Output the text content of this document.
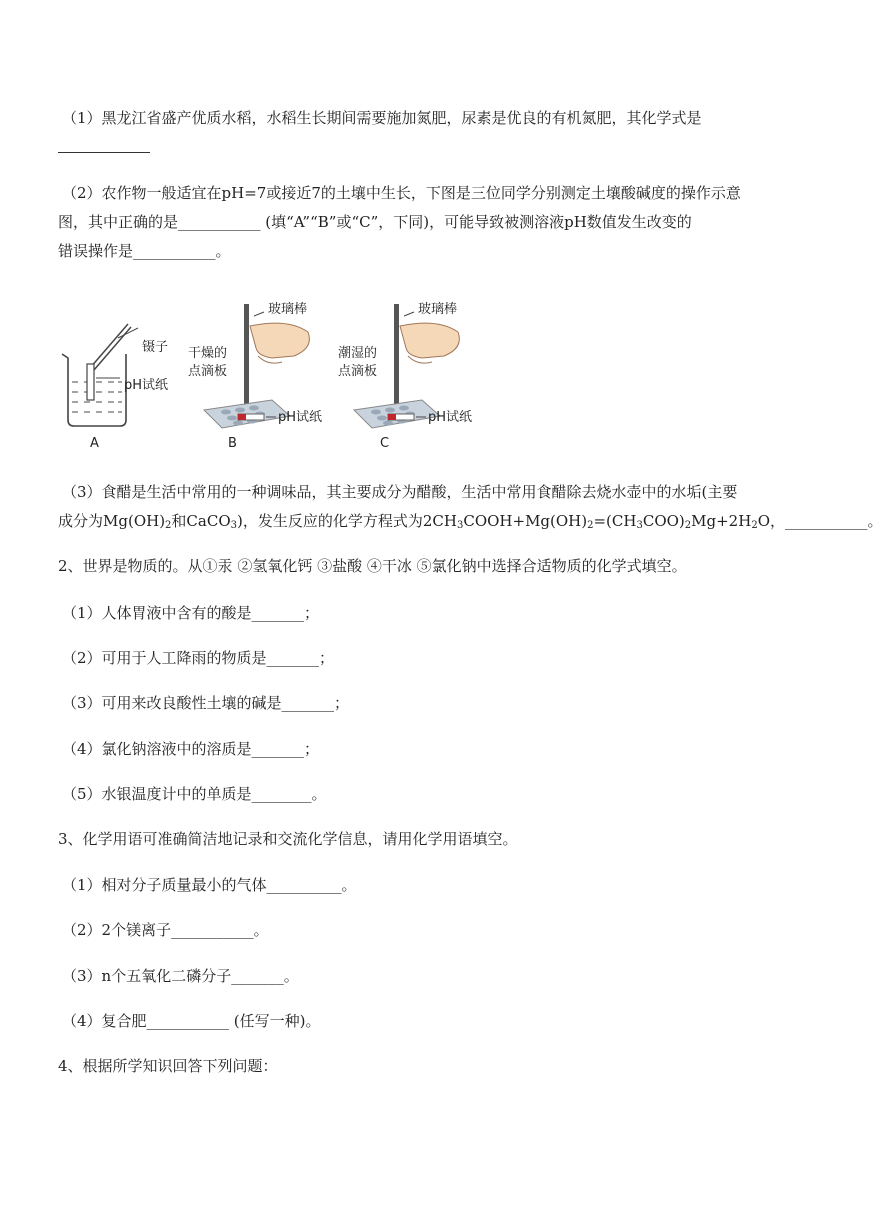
（1）黑龙江省盛产优质水稻，水稻生长期间需要施加氮肥，尿素是优良的有机氮肥，其化学式是
（2）农作物一般适宜在pH=7或接近7的土壤中生长，下图是三位同学分别测定土壤酸碱度的操作示意
图，其中正确的是___________ (填“A”“B”或“C”，下同)，可能导致被测溶液pH数值发生改变的
错误操作是___________。
镊子
pH试纸
A
玻璃棒
干燥的
点滴板
pH试纸
B
玻璃棒
潮湿的
点滴板
pH试纸
C
（3）食醋是生活中常用的一种调味品，其主要成分为醋酸，生活中常用食醋除去烧水壶中的水垢(主要
成分为$Mg(OH)_2$和CaCO$_3$)，发生反应的化学方程式为$2CH_3COOH+Mg(OH)_2=(CH_3COO)_2Mg+2H_2O$，___________。
2、世界是物质的。从①汞 ②氢氧化钙 ③盐酸 ④干冰 ⑤氯化钠中选择合适物质的化学式填空。
（1）人体胃液中含有的酸是_______；
（2）可用于人工降雨的物质是_______；
（3）可用来改良酸性土壤的碱是_______；
（4）氯化钠溶液中的溶质是_______；
（5）水银温度计中的单质是________。
3、化学用语可准确简洁地记录和交流化学信息，请用化学用语填空。
（1）相对分子质量最小的气体__________。
（2）2个镁离子___________。
（3）n个五氧化二磷分子_______。
（4）复合肥___________ (任写一种)。
4、根据所学知识回答下列问题：
